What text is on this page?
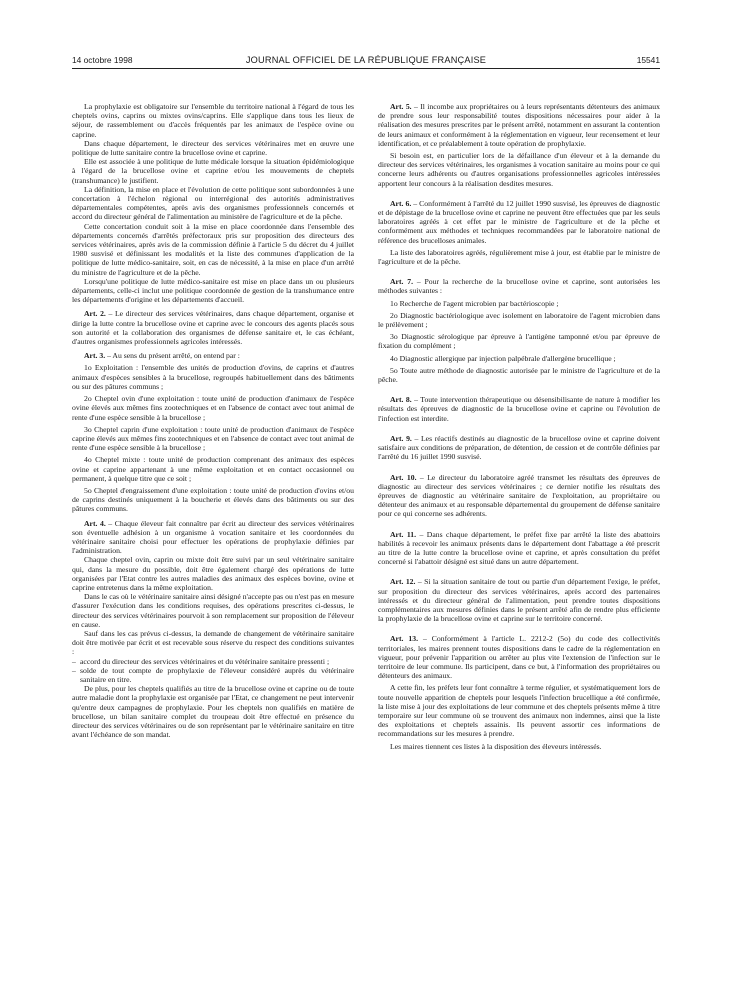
14 octobre 1998	JOURNAL OFFICIEL DE LA RÉPUBLIQUE FRANÇAISE	15541

La prophylaxie est obligatoire sur l'ensemble du territoire national à l'égard de tous les cheptels ovins, caprins ou mixtes ovins/caprins. Elle s'applique dans tous les lieux de séjour, de rassemblement ou d'accès fréquentés par les animaux de l'espèce ovine ou caprine.

Dans chaque département, le directeur des services vétérinaires met en œuvre une politique de lutte sanitaire contre la brucellose ovine et caprine.

Elle est associée à une politique de lutte médicale lorsque la situation épidémiologique à l'égard de la brucellose ovine et caprine et/ou les mouvements de cheptels (transhumance) le justifient.

La définition, la mise en place et l'évolution de cette politique sont subordonnées à une concertation à l'échelon régional ou interrégional des autorités administratives départementales compétentes, après avis des organismes professionnels concernés et accord du directeur général de l'alimentation au ministère de l'agriculture et de la pêche.

Cette concertation conduit soit à la mise en place coordonnée dans l'ensemble des départements concernés d'arrêtés préfectoraux pris sur proposition des directeurs des services vétérinaires, après avis de la commission définie à l'article 5 du décret du 4 juillet 1980 susvisé et définissant les modalités et la liste des communes d'application de la politique de lutte médico-sanitaire, soit, en cas de nécessité, à la mise en place d'un arrêté du ministre de l'agriculture et de la pêche.

Lorsqu'une politique de lutte médico-sanitaire est mise en place dans un ou plusieurs départements, celle-ci inclut une politique coordonnée de gestion de la transhumance entre les départements d'origine et les départements d'accueil.

Art. 2. – Le directeur des services vétérinaires, dans chaque département, organise et dirige la lutte contre la brucellose ovine et caprine avec le concours des agents placés sous son autorité et la collaboration des organismes de défense sanitaire et, le cas échéant, d'autres organismes professionnels agricoles intéressés.

Art. 3. – Au sens du présent arrêté, on entend par :

1o Exploitation : l'ensemble des unités de production d'ovins, de caprins et d'autres animaux d'espèces sensibles à la brucellose, regroupés habituellement dans des bâtiments ou sur des pâtures communs ;

2o Cheptel ovin d'une exploitation : toute unité de production d'animaux de l'espèce ovine élevés aux mêmes fins zootechniques et en l'absence de contact avec tout animal de rente d'une espèce sensible à la brucellose ;

3o Cheptel caprin d'une exploitation : toute unité de production d'animaux de l'espèce caprine élevés aux mêmes fins zootechniques et en l'absence de contact avec tout animal de rente d'une espèce sensible à la brucellose ;

4o Cheptel mixte : toute unité de production comprenant des animaux des espèces ovine et caprine appartenant à une même exploitation et en contact occasionnel ou permanent, à quelque titre que ce soit ;

5o Cheptel d'engraissement d'une exploitation : toute unité de production d'ovins et/ou de caprins destinés uniquement à la boucherie et élevés dans des bâtiments ou sur des pâtures communs.

Art. 4. – Chaque éleveur fait connaître par écrit au directeur des services vétérinaires son éventuelle adhésion à un organisme à vocation sanitaire et les coordonnées du vétérinaire sanitaire choisi pour effectuer les opérations de prophylaxie définies par l'administration.

Chaque cheptel ovin, caprin ou mixte doit être suivi par un seul vétérinaire sanitaire qui, dans la mesure du possible, doit être également chargé des opérations de lutte organisées par l'Etat contre les autres maladies des animaux des espèces bovine, ovine et caprine entretenus dans la même exploitation.

Dans le cas où le vétérinaire sanitaire ainsi désigné n'accepte pas ou n'est pas en mesure d'assurer l'exécution dans les conditions requises, des opérations prescrites ci-dessus, le directeur des services vétérinaires pourvoit à son remplacement sur proposition de l'éleveur en cause.

Sauf dans les cas prévus ci-dessus, la demande de changement de vétérinaire sanitaire doit être motivée par écrit et est recevable sous réserve du respect des conditions suivantes :

– accord du directeur des services vétérinaires et du vétérinaire sanitaire pressenti ;

– solde de tout compte de prophylaxie de l'éleveur considéré auprès du vétérinaire sanitaire en titre.

De plus, pour les cheptels qualifiés au titre de la brucellose ovine et caprine ou de toute autre maladie dont la prophylaxie est organisée par l'Etat, ce changement ne peut intervenir qu'entre deux campagnes de prophylaxie. Pour les cheptels non qualifiés en matière de brucellose, un bilan sanitaire complet du troupeau doit être effectué en présence du directeur des services vétérinaires ou de son représentant par le vétérinaire sanitaire en titre avant l'échéance de son mandat.

Art. 5. – Il incombe aux propriétaires ou à leurs représentants détenteurs des animaux de prendre sous leur responsabilité toutes dispositions nécessaires pour aider à la réalisation des mesures prescrites par le présent arrêté, notamment en assurant la contention de leurs animaux et conformément à la réglementation en vigueur, leur recensement et leur identification, et ce préalablement à toute opération de prophylaxie.

Si besoin est, en particulier lors de la défaillance d'un éleveur et à la demande du directeur des services vétérinaires, les organismes à vocation sanitaire au moins pour ce qui concerne leurs adhérents ou d'autres organisations professionnelles agricoles intéressées apportent leur concours à la réalisation desdites mesures.

Art. 6. – Conformément à l'arrêté du 12 juillet 1990 susvisé, les épreuves de diagnostic et de dépistage de la brucellose ovine et caprine ne peuvent être effectuées que par les seuls laboratoires agréés à cet effet par le ministre de l'agriculture et de la pêche et conformément aux méthodes et techniques recommandées par le laboratoire national de référence des brucelloses animales.

La liste des laboratoires agréés, régulièrement mise à jour, est établie par le ministre de l'agriculture et de la pêche.

Art. 7. – Pour la recherche de la brucellose ovine et caprine, sont autorisées les méthodes suivantes :

1o Recherche de l'agent microbien par bactérioscopie ;

2o Diagnostic bactériologique avec isolement en laboratoire de l'agent microbien dans le prélèvement ;

3o Diagnostic sérologique par épreuve à l'antigène tamponné et/ou par épreuve de fixation du complément ;

4o Diagnostic allergique par injection palpébrale d'allergène brucellique ;

5o Toute autre méthode de diagnostic autorisée par le ministre de l'agriculture et de la pêche.

Art. 8. – Toute intervention thérapeutique ou désensibilisante de nature à modifier les résultats des épreuves de diagnostic de la brucellose ovine et caprine ou l'évolution de l'infection est interdite.

Art. 9. – Les réactifs destinés au diagnostic de la brucellose ovine et caprine doivent satisfaire aux conditions de préparation, de détention, de cession et de contrôle définies par l'arrêté du 16 juillet 1990 susvisé.

Art. 10. – Le directeur du laboratoire agréé transmet les résultats des épreuves de diagnostic au directeur des services vétérinaires ; ce dernier notifie les résultats des épreuves de diagnostic au vétérinaire sanitaire de l'exploitation, au propriétaire ou détenteur des animaux et au responsable départemental du groupement de défense sanitaire pour ce qui concerne ses adhérents.

Art. 11. – Dans chaque département, le préfet fixe par arrêté la liste des abattoirs habilités à recevoir les animaux présents dans le département dont l'abattage a été prescrit au titre de la lutte contre la brucellose ovine et caprine, et après consultation du préfet concerné si l'abattoir désigné est situé dans un autre département.

Art. 12. – Si la situation sanitaire de tout ou partie d'un département l'exige, le préfet, sur proposition du directeur des services vétérinaires, après accord des partenaires intéressés et du directeur général de l'alimentation, peut prendre toutes dispositions complémentaires aux mesures définies dans le présent arrêté afin de rendre plus efficiente la prophylaxie de la brucellose ovine et caprine sur le territoire concerné.

Art. 13. – Conformément à l'article L. 2212-2 (5o) du code des collectivités territoriales, les maires prennent toutes dispositions dans le cadre de la réglementation en vigueur, pour prévenir l'apparition ou arrêter au plus vite l'extension de l'infection sur le territoire de leur commune. Ils participent, dans ce but, à l'information des propriétaires ou détenteurs des animaux.

A cette fin, les préfets leur font connaître à terme régulier, et systématiquement lors de toute nouvelle apparition de cheptels pour lesquels l'infection brucellique a été confirmée, la liste mise à jour des exploitations de leur commune et des cheptels présents même à titre temporaire sur leur commune où se trouvent des animaux non indemnes, ainsi que la liste des exploitations et cheptels assainis. Ils peuvent assortir ces informations de recommandations sur les mesures à prendre.

Les maires tiennent ces listes à la disposition des éleveurs intéressés.
